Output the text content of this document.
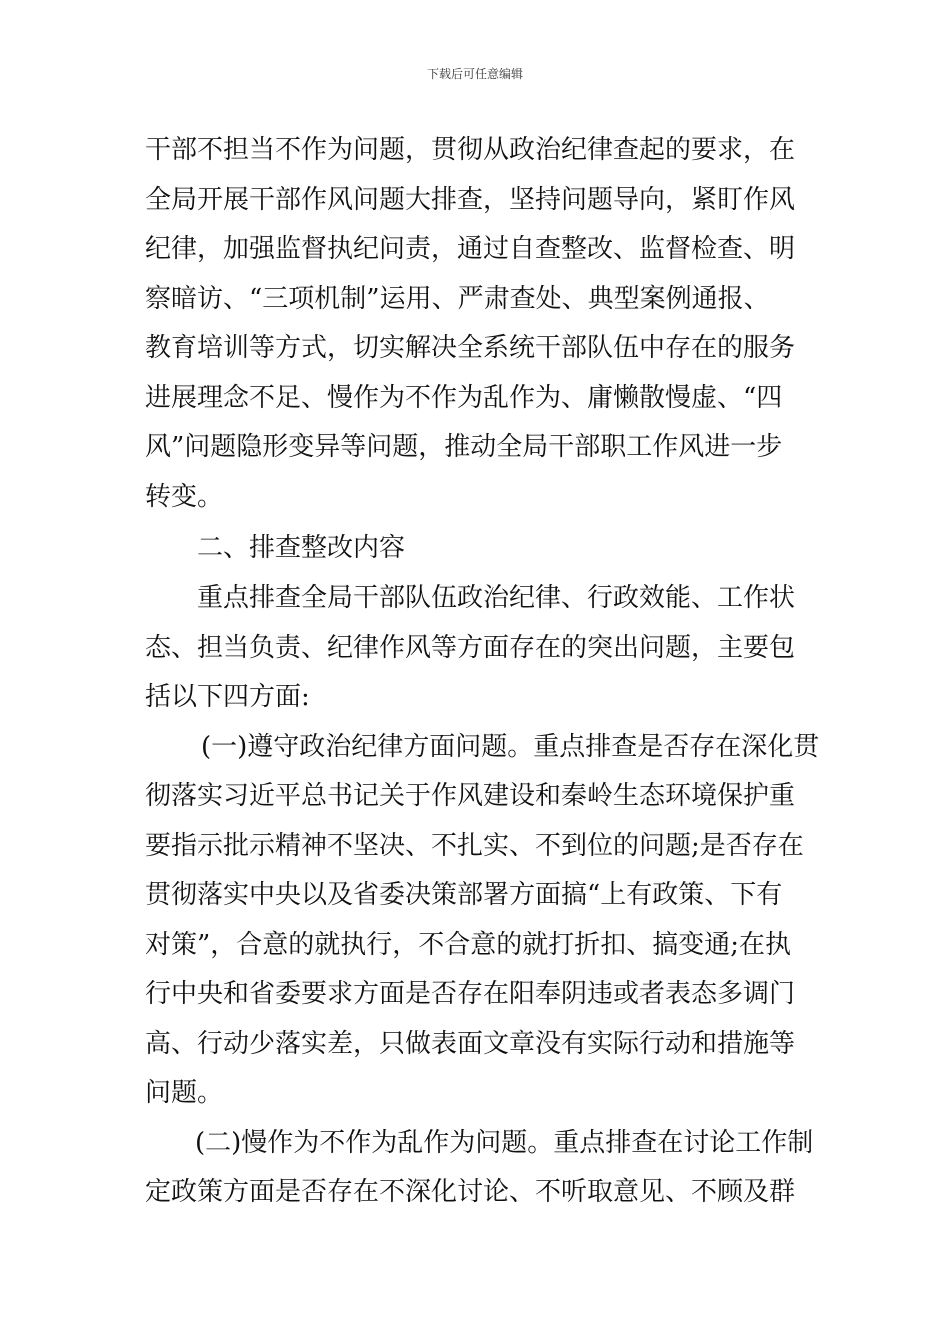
下载后可任意编辑
干部不担当不作为问题，贯彻从政治纪律查起的要求，在
全局开展干部作风问题大排查，坚持问题导向，紧盯作风
纪律，加强监督执纪问责，通过自查整改、监督检查、明
察暗访、“三项机制”运用、严肃查处、典型案例通报、
教育培训等方式，切实解决全系统干部队伍中存在的服务
进展理念不足、慢作为不作为乱作为、庸懒散慢虚、“四
风”问题隐形变异等问题，推动全局干部职工作风进一步
转变。
二、排查整改内容
重点排查全局干部队伍政治纪律、行政效能、工作状
态、担当负责、纪律作风等方面存在的突出问题，主要包
括以下四方面:
(一)遵守政治纪律方面问题。重点排查是否存在深化贯
彻落实习近平总书记关于作风建设和秦岭生态环境保护重
要指示批示精神不坚决、不扎实、不到位的问题;是否存在
贯彻落实中央以及省委决策部署方面搞“上有政策、下有
对策”，合意的就执行，不合意的就打折扣、搞变通;在执
行中央和省委要求方面是否存在阳奉阴违或者表态多调门
高、行动少落实差，只做表面文章没有实际行动和措施等
问题。
(二)慢作为不作为乱作为问题。重点排查在讨论工作制
定政策方面是否存在不深化讨论、不听取意见、不顾及群
